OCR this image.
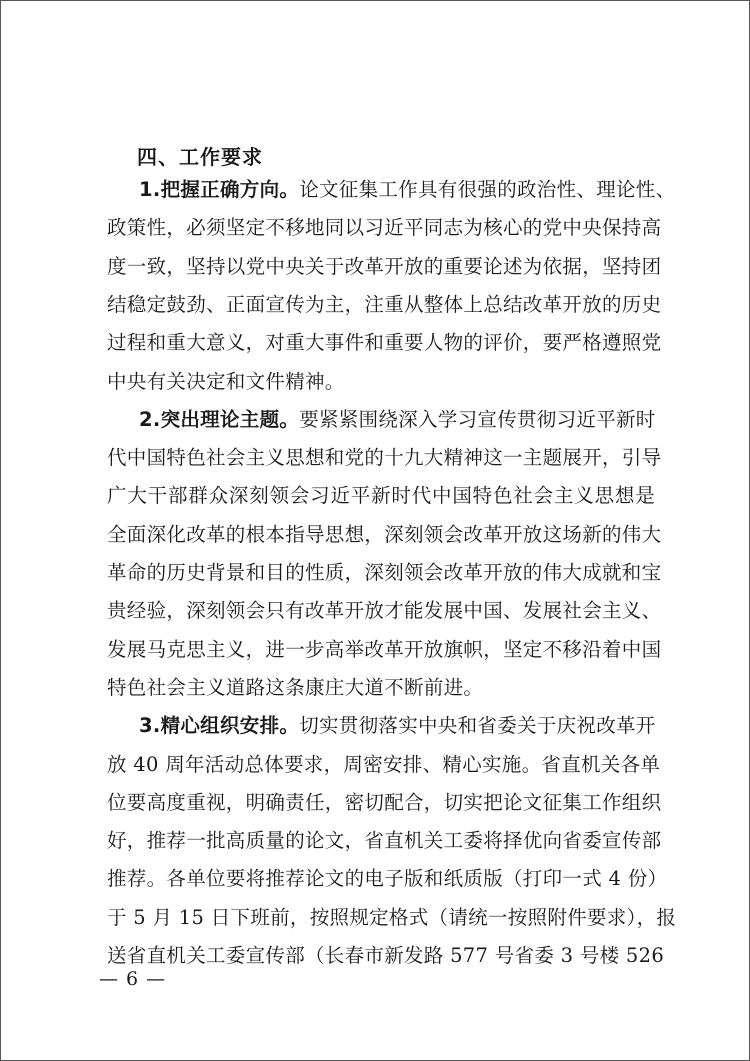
四、工作要求
1.把握正确方向。论文征集工作具有很强的政治性、理论性、
政策性，必须坚定不移地同以习近平同志为核心的党中央保持高
度一致，坚持以党中央关于改革开放的重要论述为依据，坚持团
结稳定鼓劲、正面宣传为主，注重从整体上总结改革开放的历史
过程和重大意义，对重大事件和重要人物的评价，要严格遵照党
中央有关决定和文件精神。
2.突出理论主题。要紧紧围绕深入学习宣传贯彻习近平新时
代中国特色社会主义思想和党的十九大精神这一主题展开，引导
广大干部群众深刻领会习近平新时代中国特色社会主义思想是
全面深化改革的根本指导思想，深刻领会改革开放这场新的伟大
革命的历史背景和目的性质，深刻领会改革开放的伟大成就和宝
贵经验，深刻领会只有改革开放才能发展中国、发展社会主义、
发展马克思主义，进一步高举改革开放旗帜，坚定不移沿着中国
特色社会主义道路这条康庄大道不断前进。
3.精心组织安排。切实贯彻落实中央和省委关于庆祝改革开
放 40 周年活动总体要求，周密安排、精心实施。省直机关各单
位要高度重视，明确责任，密切配合，切实把论文征集工作组织
好，推荐一批高质量的论文，省直机关工委将择优向省委宣传部
推荐。各单位要将推荐论文的电子版和纸质版（打印一式 4 份）
于 5 月 15 日下班前，按照规定格式（请统一按照附件要求），报
送省直机关工委宣传部（长春市新发路 577 号省委 3 号楼 526
— 6 —
